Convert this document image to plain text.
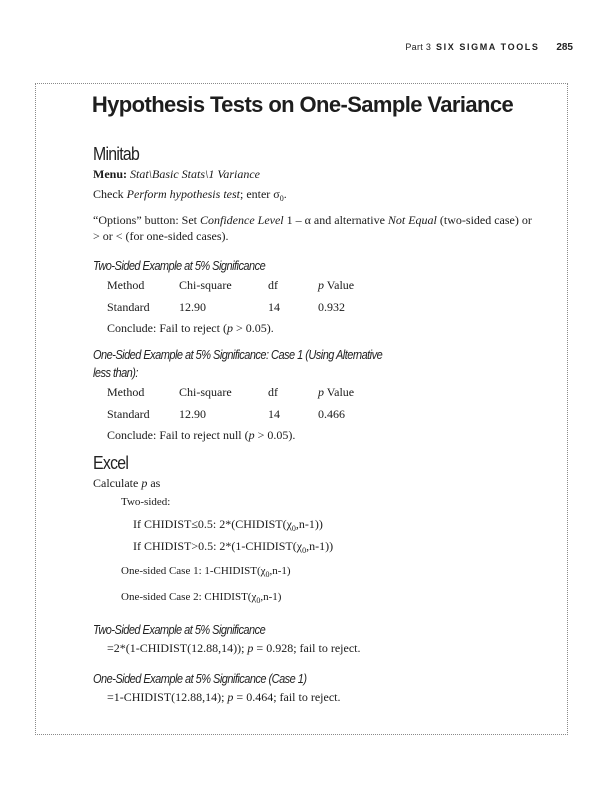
Part 3 SIX SIGMA TOOLS 285
Hypothesis Tests on One-Sample Variance
Minitab
Menu: Stat\Basic Stats\1 Variance
Check Perform hypothesis test; enter $\sigma_0$.
“Options” button: Set Confidence Level 1 – α and alternative Not Equal (two-sided case) or > or < (for one-sided cases).
Two-Sided Example at 5% Significance
Method	Chi-square	df	p Value
Standard	12.90	14	0.932
Conclude: Fail to reject (p > 0.05).
One-Sided Example at 5% Significance: Case 1 (Using Alternative
less than):
Method	Chi-square	df	p Value
Standard	12.90	14	0.466
Conclude: Fail to reject null (p > 0.05).
Excel
Calculate p as
Two-sided:
If CHIDIST≤0.5: $2*(CHIDIST(\chi_0,n-1))$
If CHIDIST>0.5: $2*(1-CHIDIST(\chi_0,n-1))$
One-sided Case 1: $1-CHIDIST(\chi_0,n-1)$
One-sided Case 2: $CHIDIST(\chi_0,n-1)$
Two-Sided Example at 5% Significance
=2*(1-CHIDIST(12.88,14)); p = 0.928; fail to reject.
One-Sided Example at 5% Significance (Case 1)
=1-CHIDIST(12.88,14); p = 0.464; fail to reject.
